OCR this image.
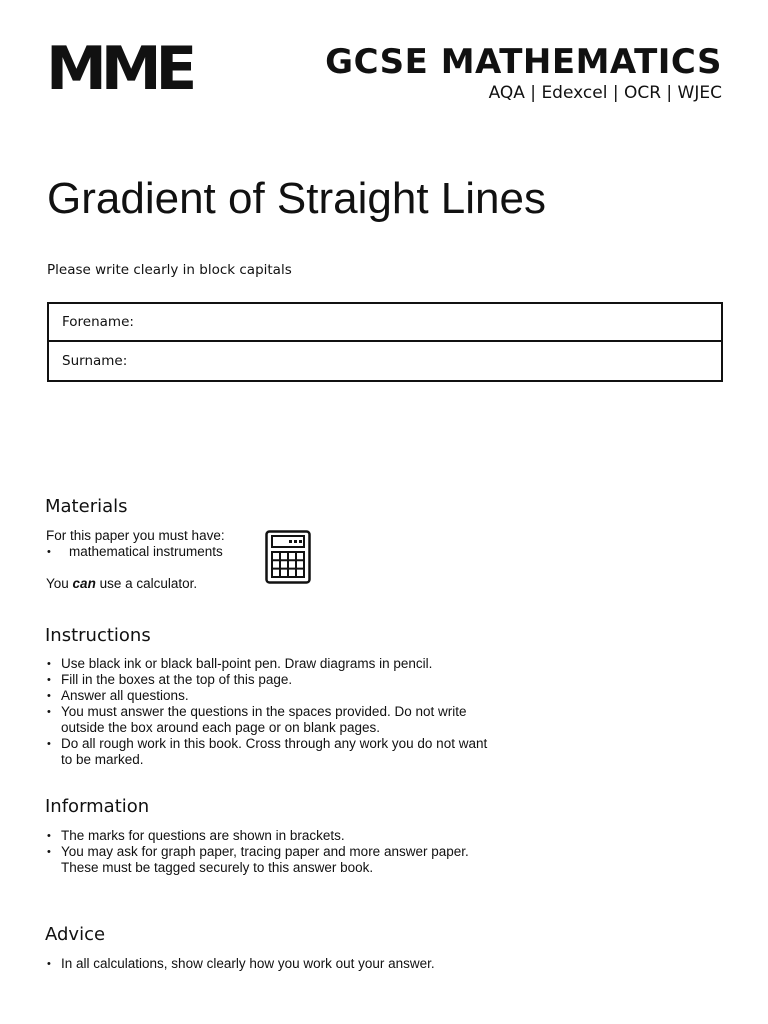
MME	GCSE MATHEMATICS
AQA | Edexcel | OCR | WJEC
Gradient of Straight Lines
Please write clearly in block capitals
Forename:
Surname:
Materials
For this paper you must have:
• mathematical instruments
You can use a calculator.
Instructions
• Use black ink or black ball-point pen. Draw diagrams in pencil.
• Fill in the boxes at the top of this page.
• Answer all questions.
• You must answer the questions in the spaces provided. Do not write
outside the box around each page or on blank pages.
• Do all rough work in this book. Cross through any work you do not want
to be marked.
Information
• The marks for questions are shown in brackets.
• You may ask for graph paper, tracing paper and more answer paper.
These must be tagged securely to this answer book.
Advice
• In all calculations, show clearly how you work out your answer.
